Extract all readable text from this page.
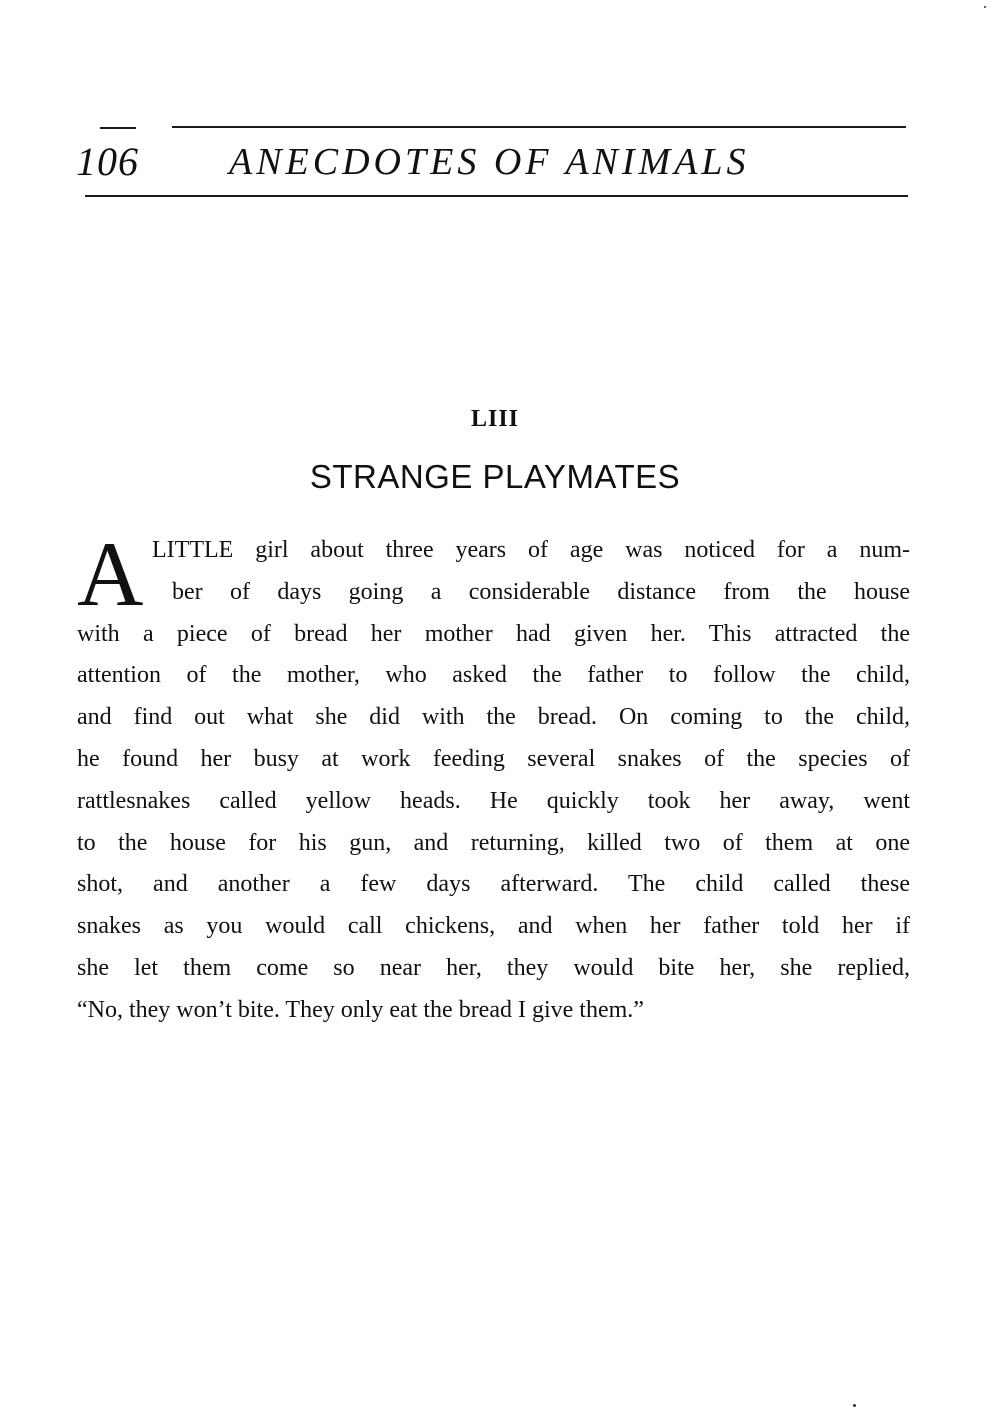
106 ANECDOTES OF ANIMALS
LIII
STRANGE PLAYMATES
A LITTLE girl about three years of age was noticed for a num-
ber of days going a considerable distance from the house
with a piece of bread her mother had given her. This attracted the
attention of the mother, who asked the father to follow the child,
and find out what she did with the bread. On coming to the child,
he found her busy at work feeding several snakes of the species of
rattlesnakes called yellow heads. He quickly took her away, went
to the house for his gun, and returning, killed two of them at one
shot, and another a few days afterward. The child called these
snakes as you would call chickens, and when her father told her if
she let them come so near her, they would bite her, she replied,
“No, they won’t bite. They only eat the bread I give them.”
